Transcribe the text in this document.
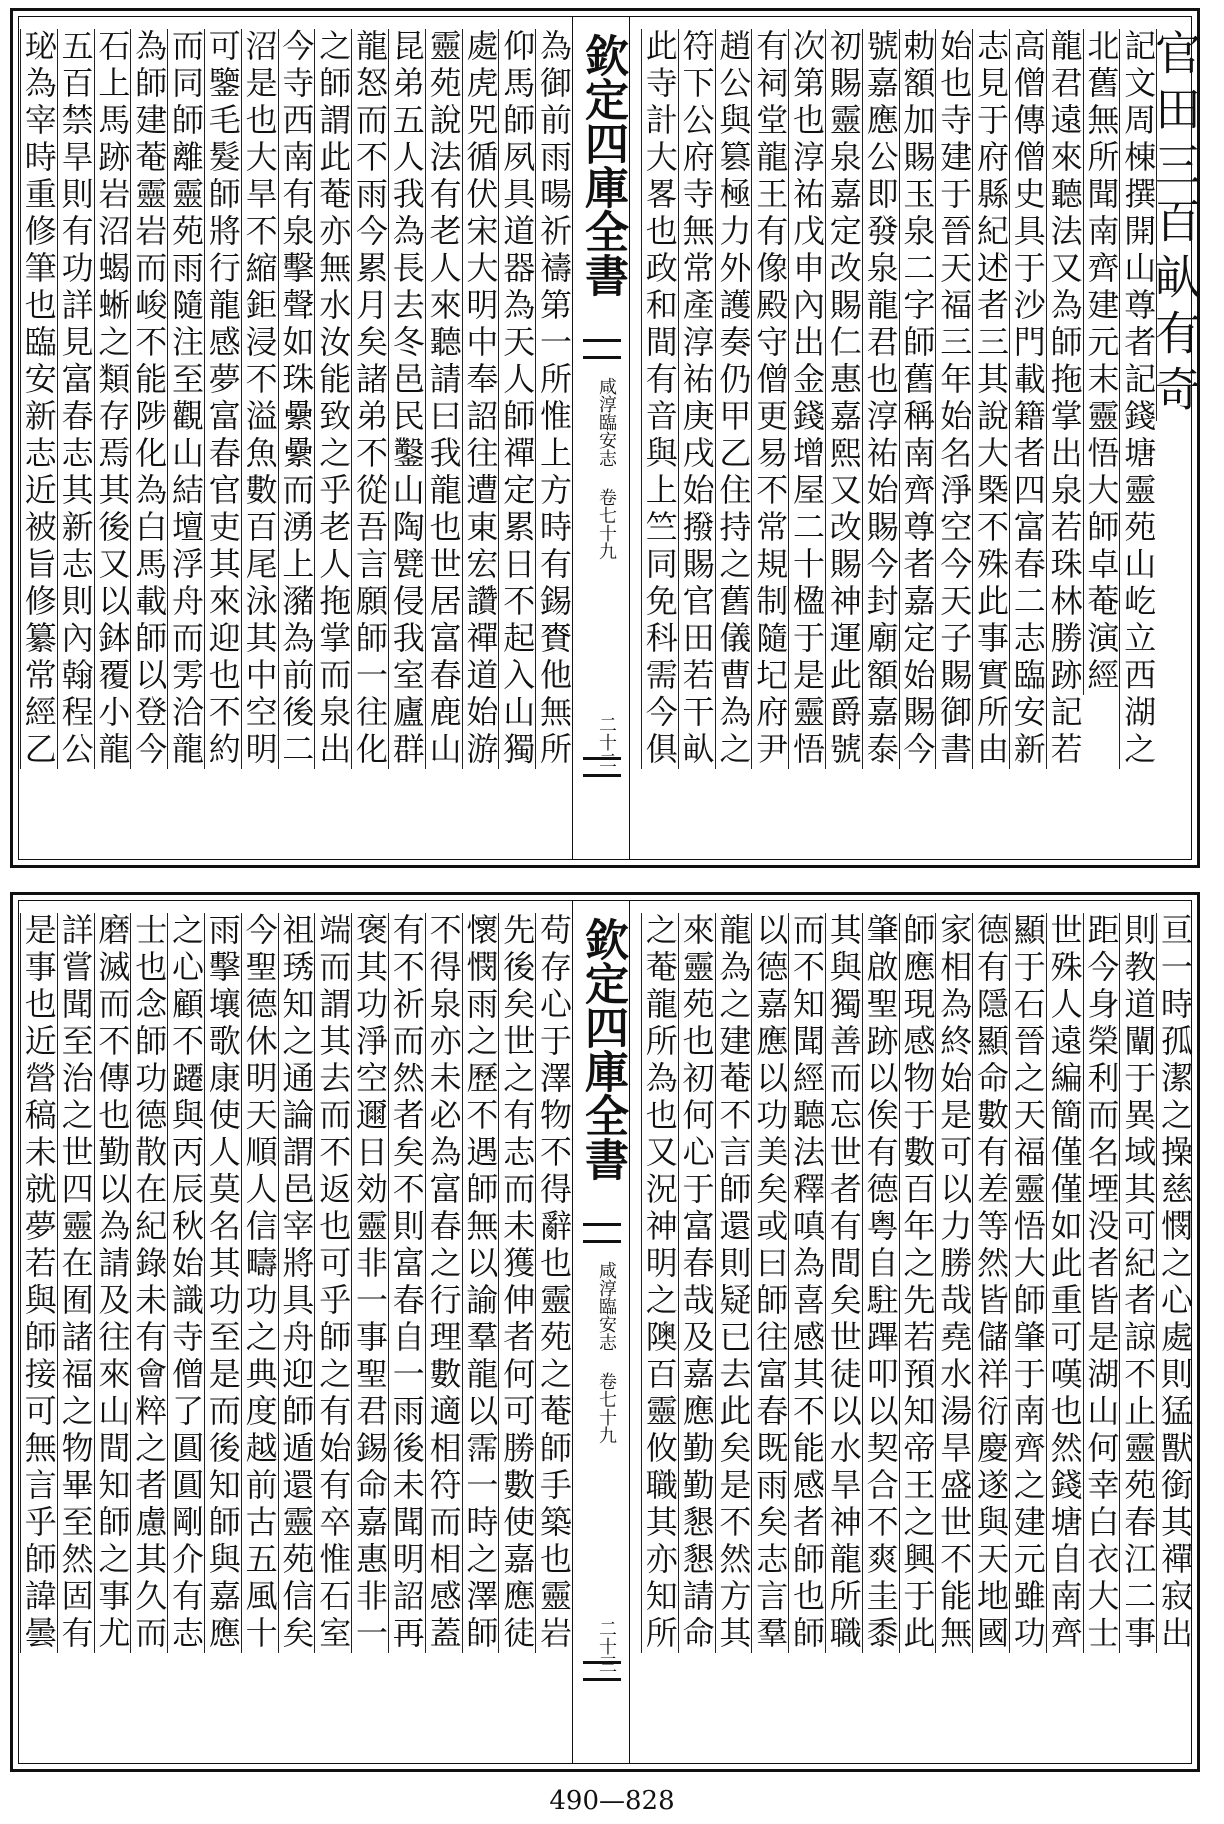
欽定四庫全書
咸淳臨安志 卷七十九
二十二
官田三百畒有奇
記文周棟撰開山尊者記錢塘靈苑山屹立西湖之
北舊無所聞南齊建元末靈悟大師卓菴演經
龍君遠來聽法又為師拖掌出泉若珠林勝跡記若
高僧傳僧史具于沙門載籍者四富春二志臨安新
志見于府縣紀述者三其說大槩不殊此事實所由
始也寺建于晉天福三年始名淨空今天子賜御書
勅額加賜玉泉二字師舊稱南齊尊者嘉定始賜今
號嘉應公即發泉龍君也淳祐始賜今封廟額嘉泰
初賜靈泉嘉定改賜仁惠嘉熙又改賜神運此爵號
次第也淳祐戊申內出金錢增屋二十楹于是靈悟
有祠堂龍王有像殿守僧更易不常規制隨圮府尹
趙公與篡極力外護奏仍甲乙住持之舊儀曹為之
符下公府寺無常產淳祐庚戌始撥賜官田若干畒
此寺計大畧也政和間有音與上竺同免科需今俱
為御前雨暘祈禱第一所惟上方時有錫賚他無所
仰馬師夙具道器為天人師禪定累日不起入山獨
處虎兕循伏宋大明中奉詔往遭東宏讚禪道始游
靈苑說法有老人來聽請曰我龍也世居富春鹿山
昆弟五人我為長去冬邑民鑿山陶甓侵我室廬群
龍怒而不雨今累月矣諸弟不從吾言願師一往化
之師謂此菴亦無水汝能致之乎老人拖掌而泉出
今寺西南有泉擊聲如珠纍纍而湧上瀦為前後二
沼是也大旱不縮鉅浸不溢魚數百尾泳其中空明
可鑒毛髮師將行龍感夢富春官吏其來迎也不約
而同師離靈苑雨隨注至觀山結壇浮舟而雱洽龍
為師建菴靈岩而峻不能陟化為白馬載師以登今
石上馬跡岩沼蝎蜥之類存焉其後又以鉢覆小龍
五百禁旱則有功詳見富春志其新志則內翰程公
珌為宰時重修筆也臨安新志近被旨修纂常經乙
欽定四庫全書
咸淳臨安志 卷七十九
二十三	亘一時孤潔之操慈憫之心處則猛獸銜其禪寂出
則教道闡于異域其可紀者諒不止靈苑春江二事
距今身榮利而名堙没者皆是湖山何幸白衣大士
世殊人遠編簡僅僅如此重可嘆也然錢塘自南齊
顯于石晉之天福靈悟大師肇于南齊之建元雖功
德有隱顯命數有差等然皆儲祥衍慶遂與天地國
家相為終始是可以力勝哉堯水湯旱盛世不能無
師應現感物于數百年之先若預知帝王之興于此
肇啟聖跡以俟有德粤自駐蹕叩以契合不爽圭黍
其與獨善而忘世者有間矣世徒以水旱神龍所職
而不知聞經聽法釋嗔為喜感其不能感者師也師
以德嘉應以功美矣或曰師往富春既雨矣志言羣
龍為之建菴不言師還則疑已去此矣是不然方其
來靈苑也初何心于富春哉及嘉應勤勤懇懇請命
之菴龍所為也又況神明之隩百靈攸職其亦知所
苟存心于澤物不得辭也靈苑之菴師手築也靈岩
先後矣世之有志而未獲伸者何可勝數使嘉應徒
懷憫雨之歷不遇師無以諭羣龍以霈一時之澤師
不得泉亦未必為富春之行理數適相符而相感蓋
有不祈而然者矣不則富春自一雨後未聞明詔再
褒其功淨空邇日効靈非一事聖君錫命嘉惠非一
端而謂其去而不返也可乎師之有始有卒惟石室
祖琇知之通論謂邑宰將具舟迎師遁還靈苑信矣
今聖德休明天順人信疇功之典度越前古五風十
雨擊壤歌康使人莫名其功至是而後知師與嘉應
之心顧不躚與丙辰秋始識寺僧了圓圓剛介有志
士也念師功德散在紀錄未有會粹之者慮其久而
磨滅而不傳也勤以為請及往來山間知師之事尤
詳嘗聞至治之世四靈在囿諸福之物畢至然固有
是事也近營稿未就夢若與師接可無言乎師諱曇
490—828
